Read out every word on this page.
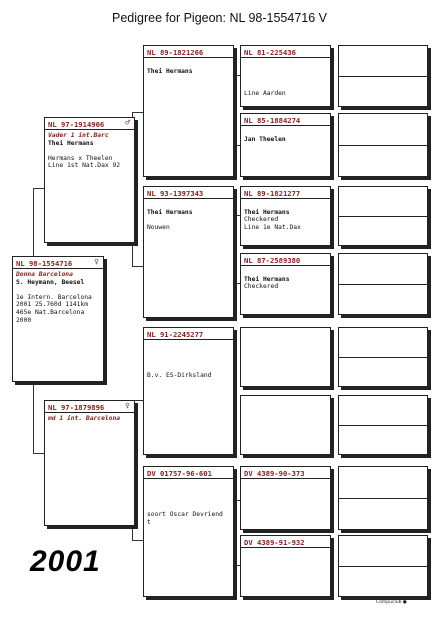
Pedigree for Pigeon: NL 98-1554716 V
NL 98-1554716	♀
Donna Barcelona
S. Heymann, Beesel
1e Intern. Barcelona
2001 25.760d 1141km
465e Nat.Barcelona
2000
NL 97-1914906	♂
Vader 1 int.Barc
Thei Hermans
Hermans x Theelen
Line 1st Nat.Dax 92
NL 97-1879896	♀
md 1 int. Barcelona
NL 89-1821266
Thei Hermans
NL 93-1397343
Thei Hermans
Nouwen
NL 91-2245277
B.v. ES-Dirksland
DV 01757-96-601
soort Oscar Devriend
t
NL 81-225436
Line Aarden
NL 85-1884274
Jan Theelen
NL 89-1821277
Thei Hermans
Checkered
Line 1e Nat.Dax
NL 87-2589380
Thei Hermans
Checkered
DV 4389-90-373
DV 4389-91-932
2001
Compuclub ●
